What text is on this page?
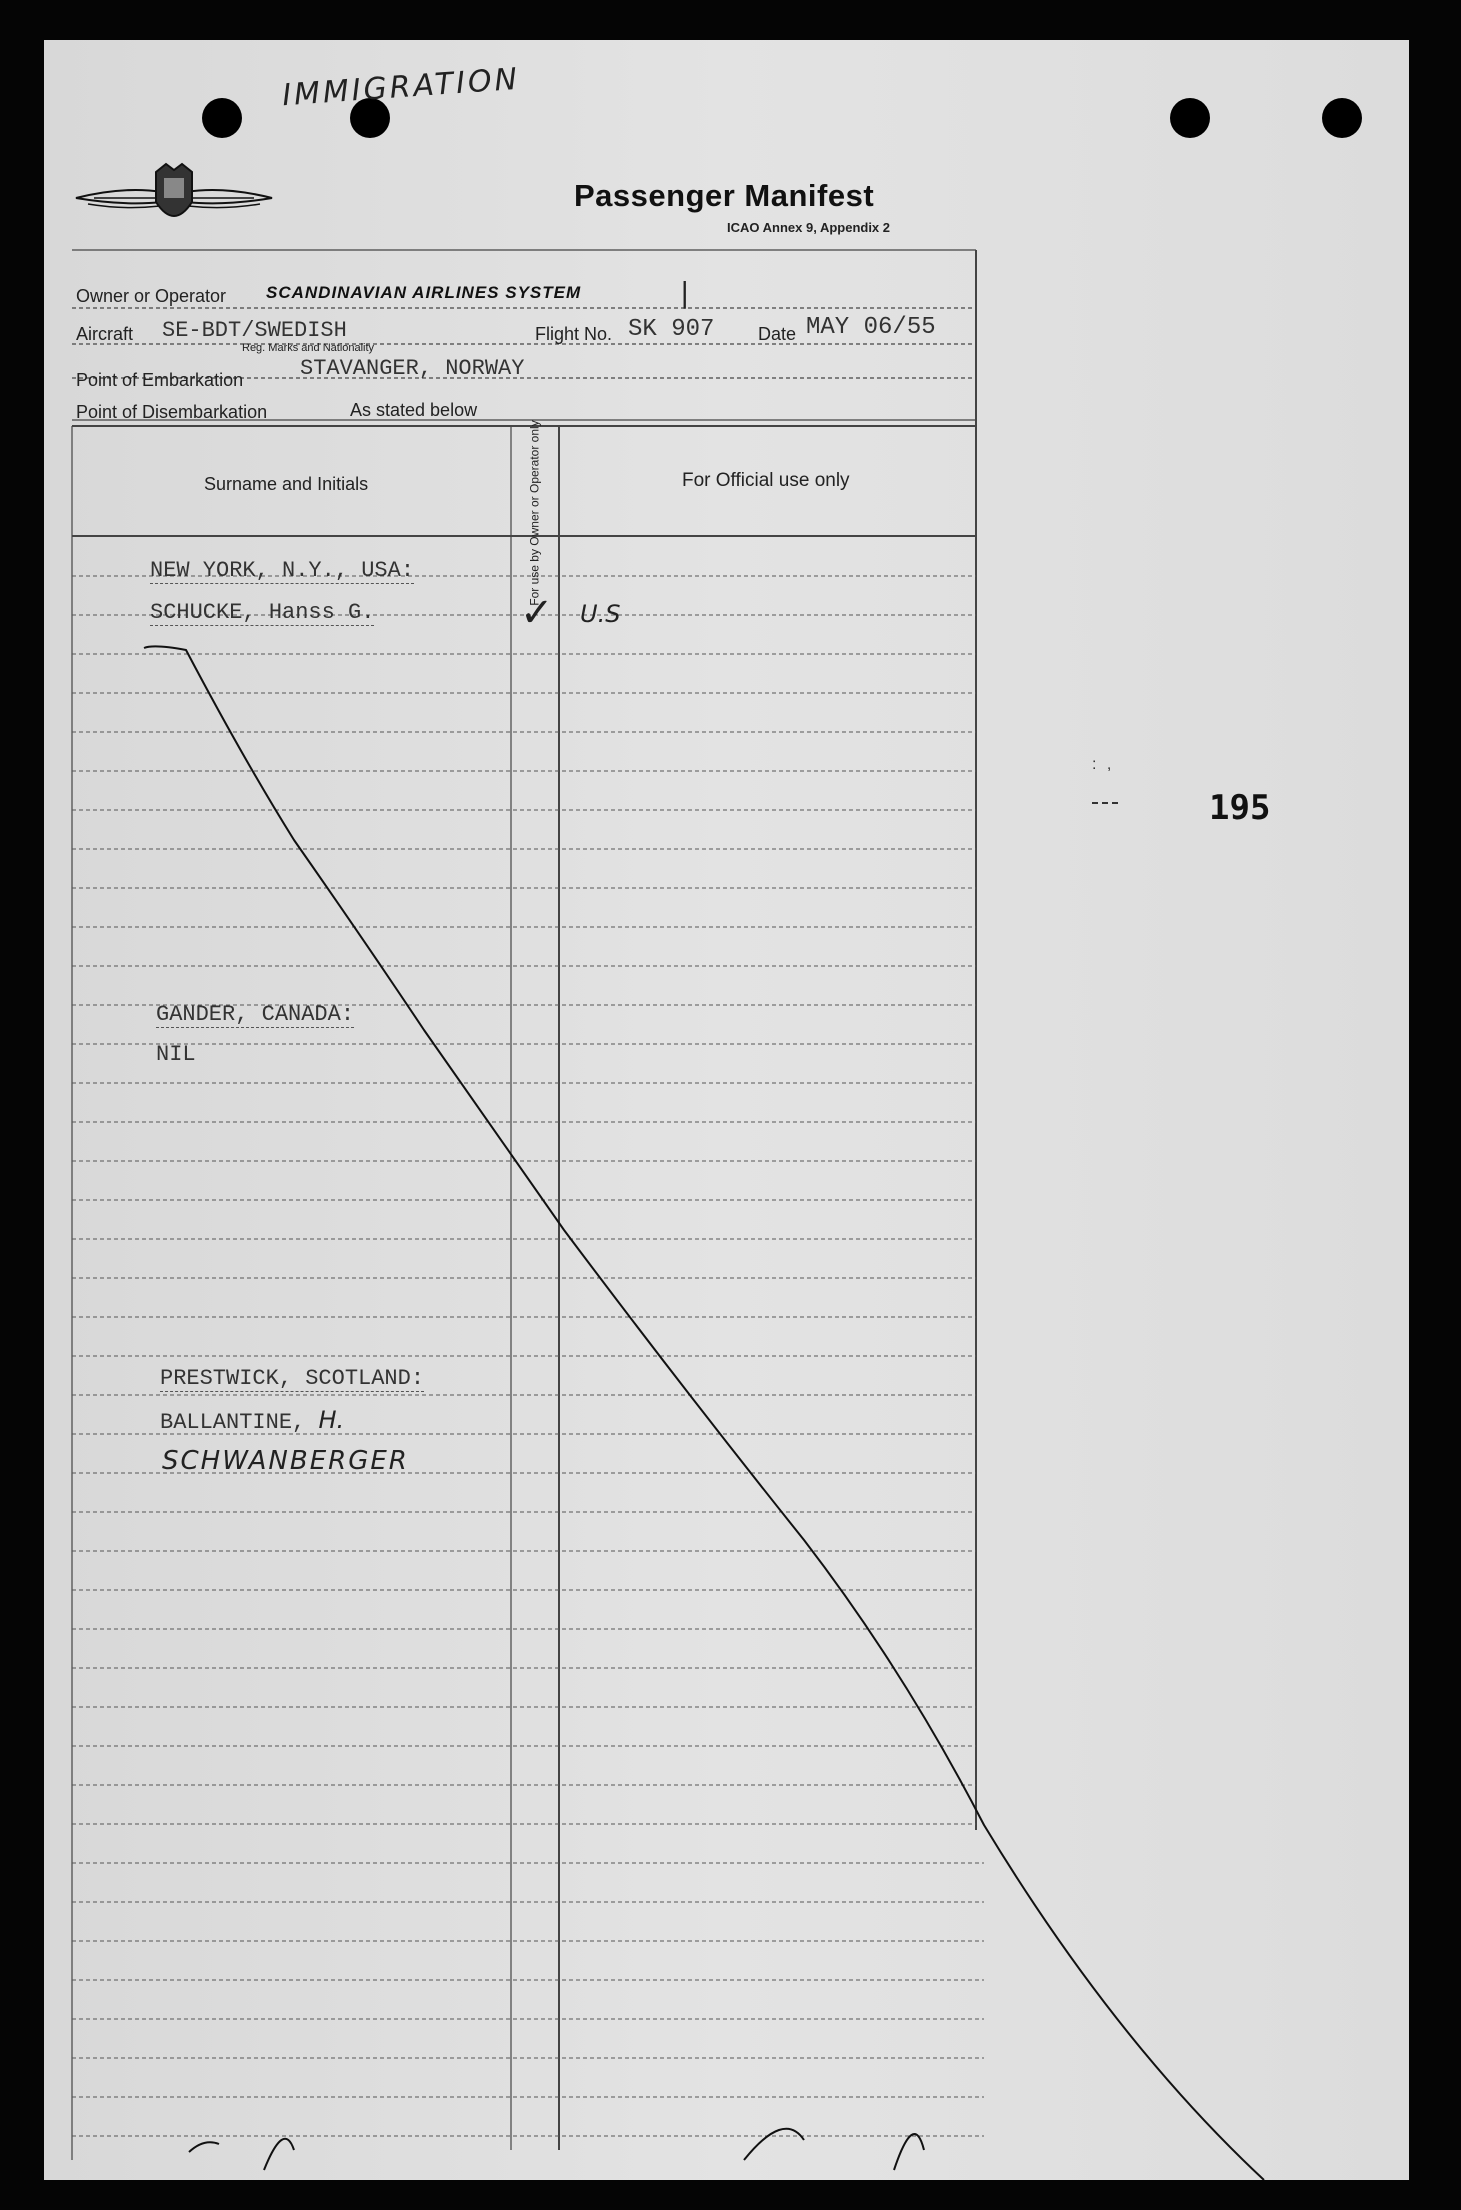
IMMIGRATION
Passenger Manifest
ICAO Annex 9, Appendix 2
Owner or Operator SCANDINAVIAN AIRLINES SYSTEM	|
Aircraft SE-BDT/SWEDISH
Reg. Marks and Nationality
Flight No. SK 907 Date MAY 06/55
Point of Embarkation	STAVANGER, NORWAY
Point of Disembarkation	As stated below
Surname and Initials	For use by Owner or Operator only	For Official use only
NEW YORK, N.Y., USA:
SCHUCKE, Hanss G.	✓ U.S
GANDER, CANADA:
NIL
PRESTWICK, SCOTLAND:
BALLANTINE, H.
SCHWANBERGER
: ,
195
